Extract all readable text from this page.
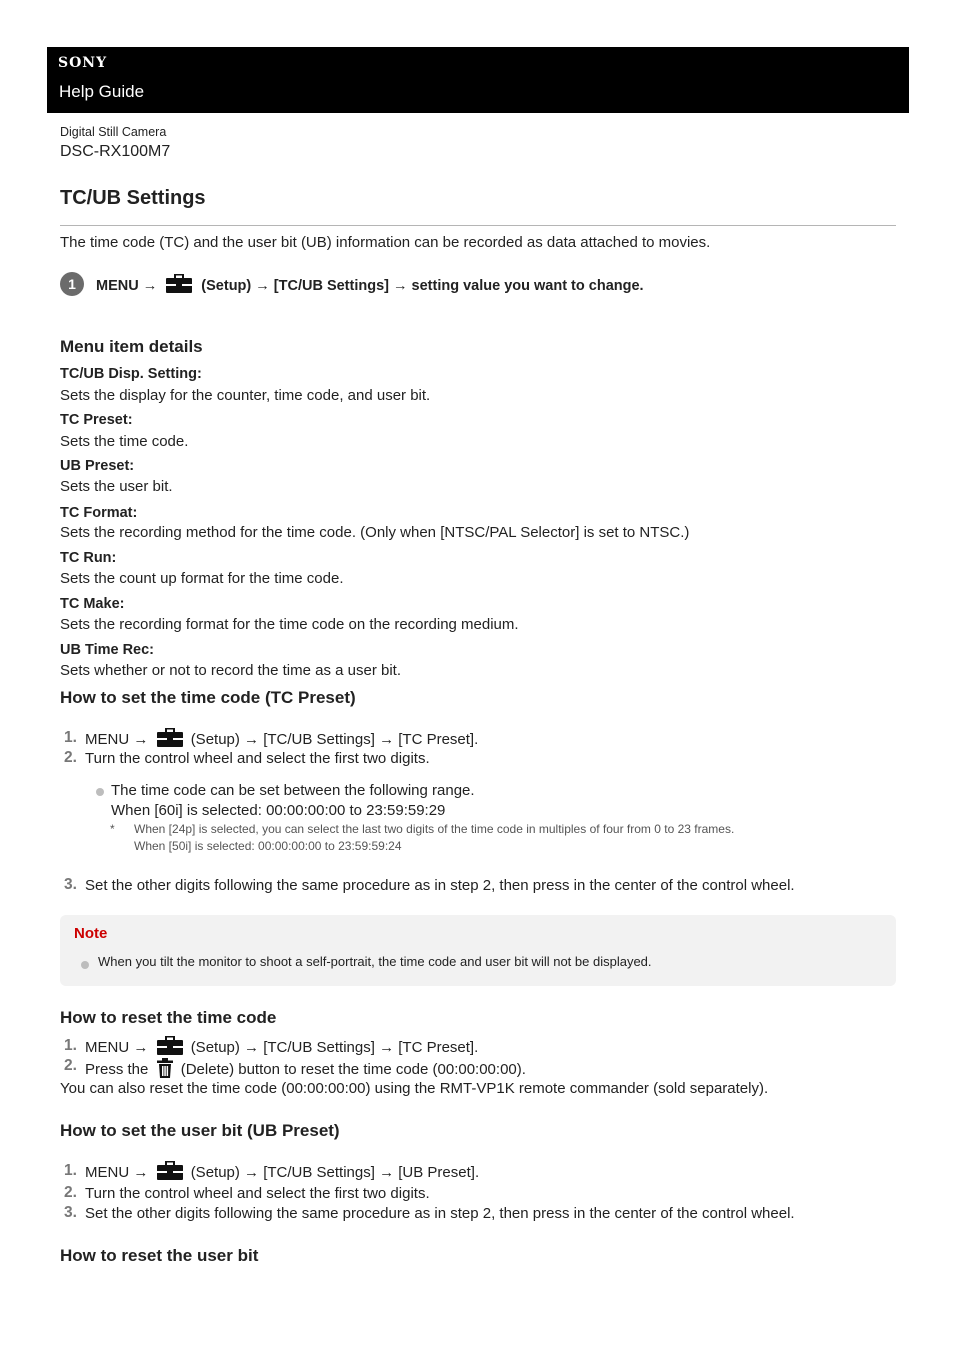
SONY
Help Guide
Digital Still Camera
DSC-RX100M7
TC/UB Settings
The time code (TC) and the user bit (UB) information can be recorded as data attached to movies.
1	MENU →	(Setup) → [TC/UB Settings] → setting value you want to change.
Menu item details
TC/UB Disp. Setting:
Sets the display for the counter, time code, and user bit.
TC Preset:
Sets the time code.
UB Preset:
Sets the user bit.
TC Format:
Sets the recording method for the time code. (Only when [NTSC/PAL Selector] is set to NTSC.)
TC Run:
Sets the count up format for the time code.
TC Make:
Sets the recording format for the time code on the recording medium.
UB Time Rec:
Sets whether or not to record the time as a user bit.
How to set the time code (TC Preset)
1. MENU →	(Setup) → [TC/UB Settings] → [TC Preset].
2. Turn the control wheel and select the first two digits.
The time code can be set between the following range.
When [60i] is selected: 00:00:00:00 to 23:59:59:29
* When [24p] is selected, you can select the last two digits of the time code in multiples of four from 0 to 23 frames.
When [50i] is selected: 00:00:00:00 to 23:59:59:24
3. Set the other digits following the same procedure as in step 2, then press in the center of the control wheel.
Note
When you tilt the monitor to shoot a self-portrait, the time code and user bit will not be displayed.
How to reset the time code
1. MENU →	(Setup) → [TC/UB Settings] → [TC Preset].
2. Press the (Delete) button to reset the time code (00:00:00:00).
You can also reset the time code (00:00:00:00) using the RMT-VP1K remote commander (sold separately).
How to set the user bit (UB Preset)
1. MENU →	(Setup) → [TC/UB Settings] → [UB Preset].
2. Turn the control wheel and select the first two digits.
3. Set the other digits following the same procedure as in step 2, then press in the center of the control wheel.
How to reset the user bit
